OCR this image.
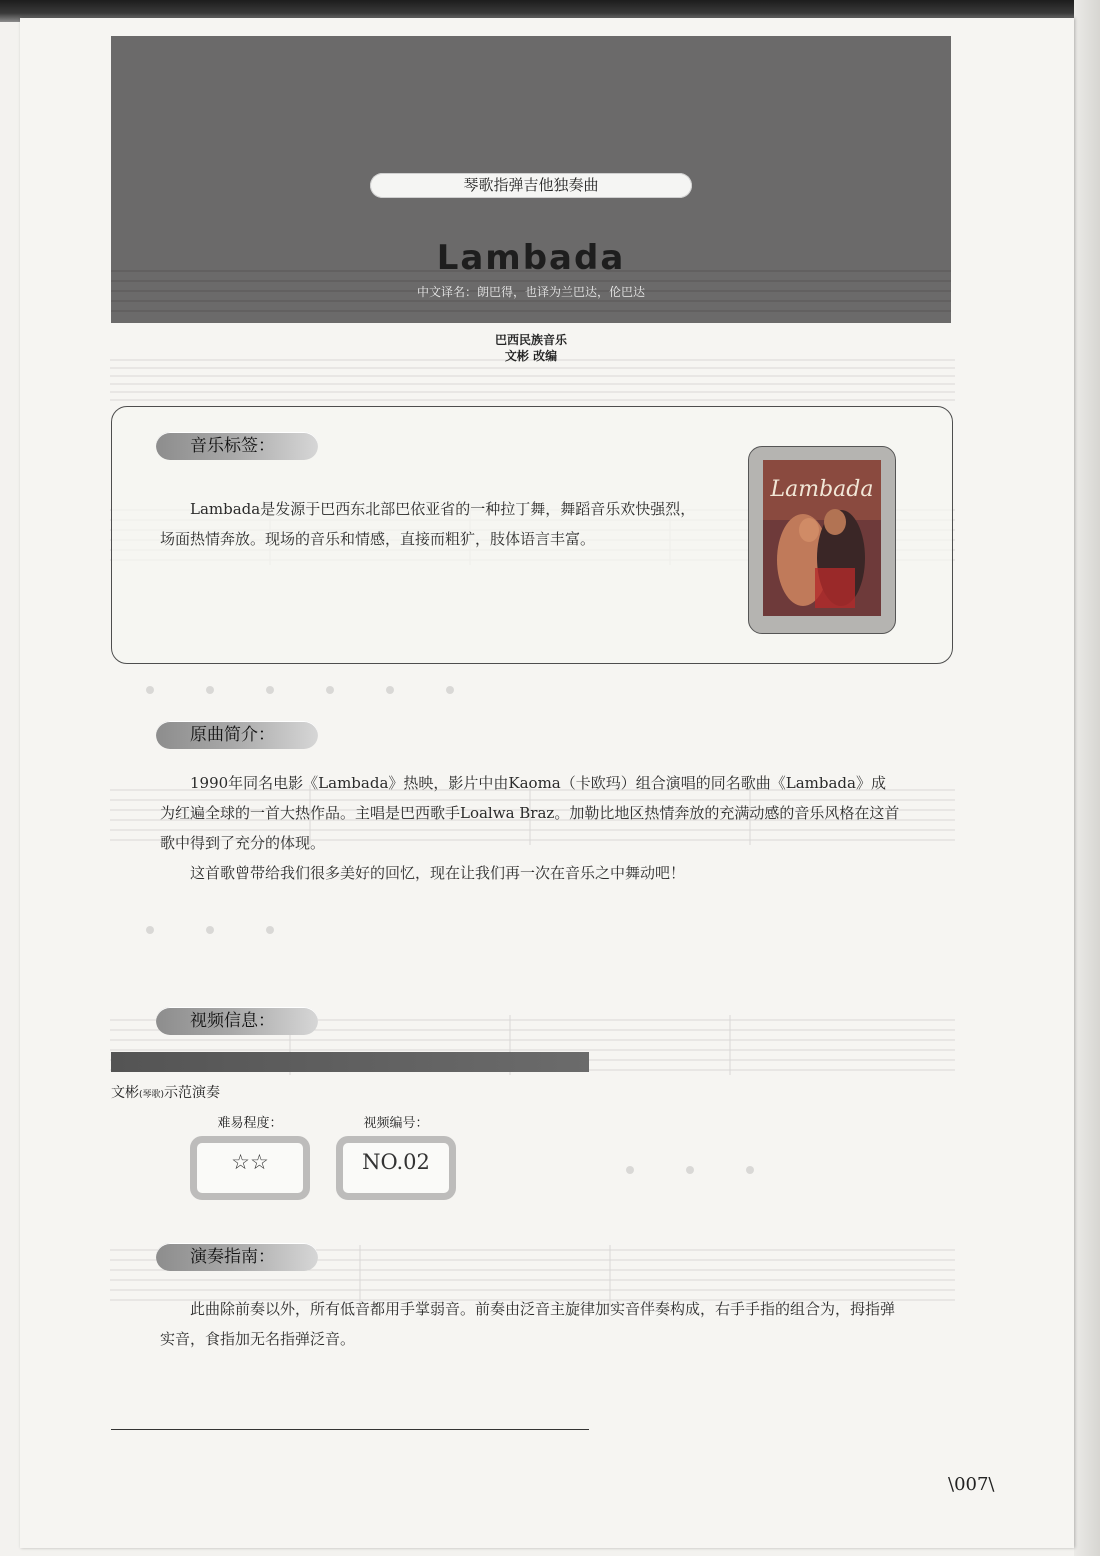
琴歌指弹吉他独奏曲
Lambada
中文译名：朗巴得，也译为兰巴达，伦巴达
巴西民族音乐
文彬 改编
音乐标签：

Lambada是发源于巴西东北部巴依亚省的一种拉丁舞，舞蹈音乐欢快强烈，场面热情奔放。现场的音乐和情感，直接而粗犷，肢体语言丰富。

Lambada
原曲简介：

1990年同名电影《Lambada》热映，影片中由Kaoma（卡欧玛）组合演唱的同名歌曲《Lambada》成为红遍全球的一首大热作品。主唱是巴西歌手Loalwa Braz。加勒比地区热情奔放的充满动感的音乐风格在这首歌中得到了充分的体现。

这首歌曾带给我们很多美好的回忆，现在让我们再一次在音乐之中舞动吧！

视频信息：
文彬(琴歌)示范演奏
难易程度：
☆☆
视频编号：
NO.02
演奏指南：

此曲除前奏以外，所有低音都用手掌弱音。前奏由泛音主旋律加实音伴奏构成，右手手指的组合为，拇指弹实音，食指加无名指弹泛音。

\007\
